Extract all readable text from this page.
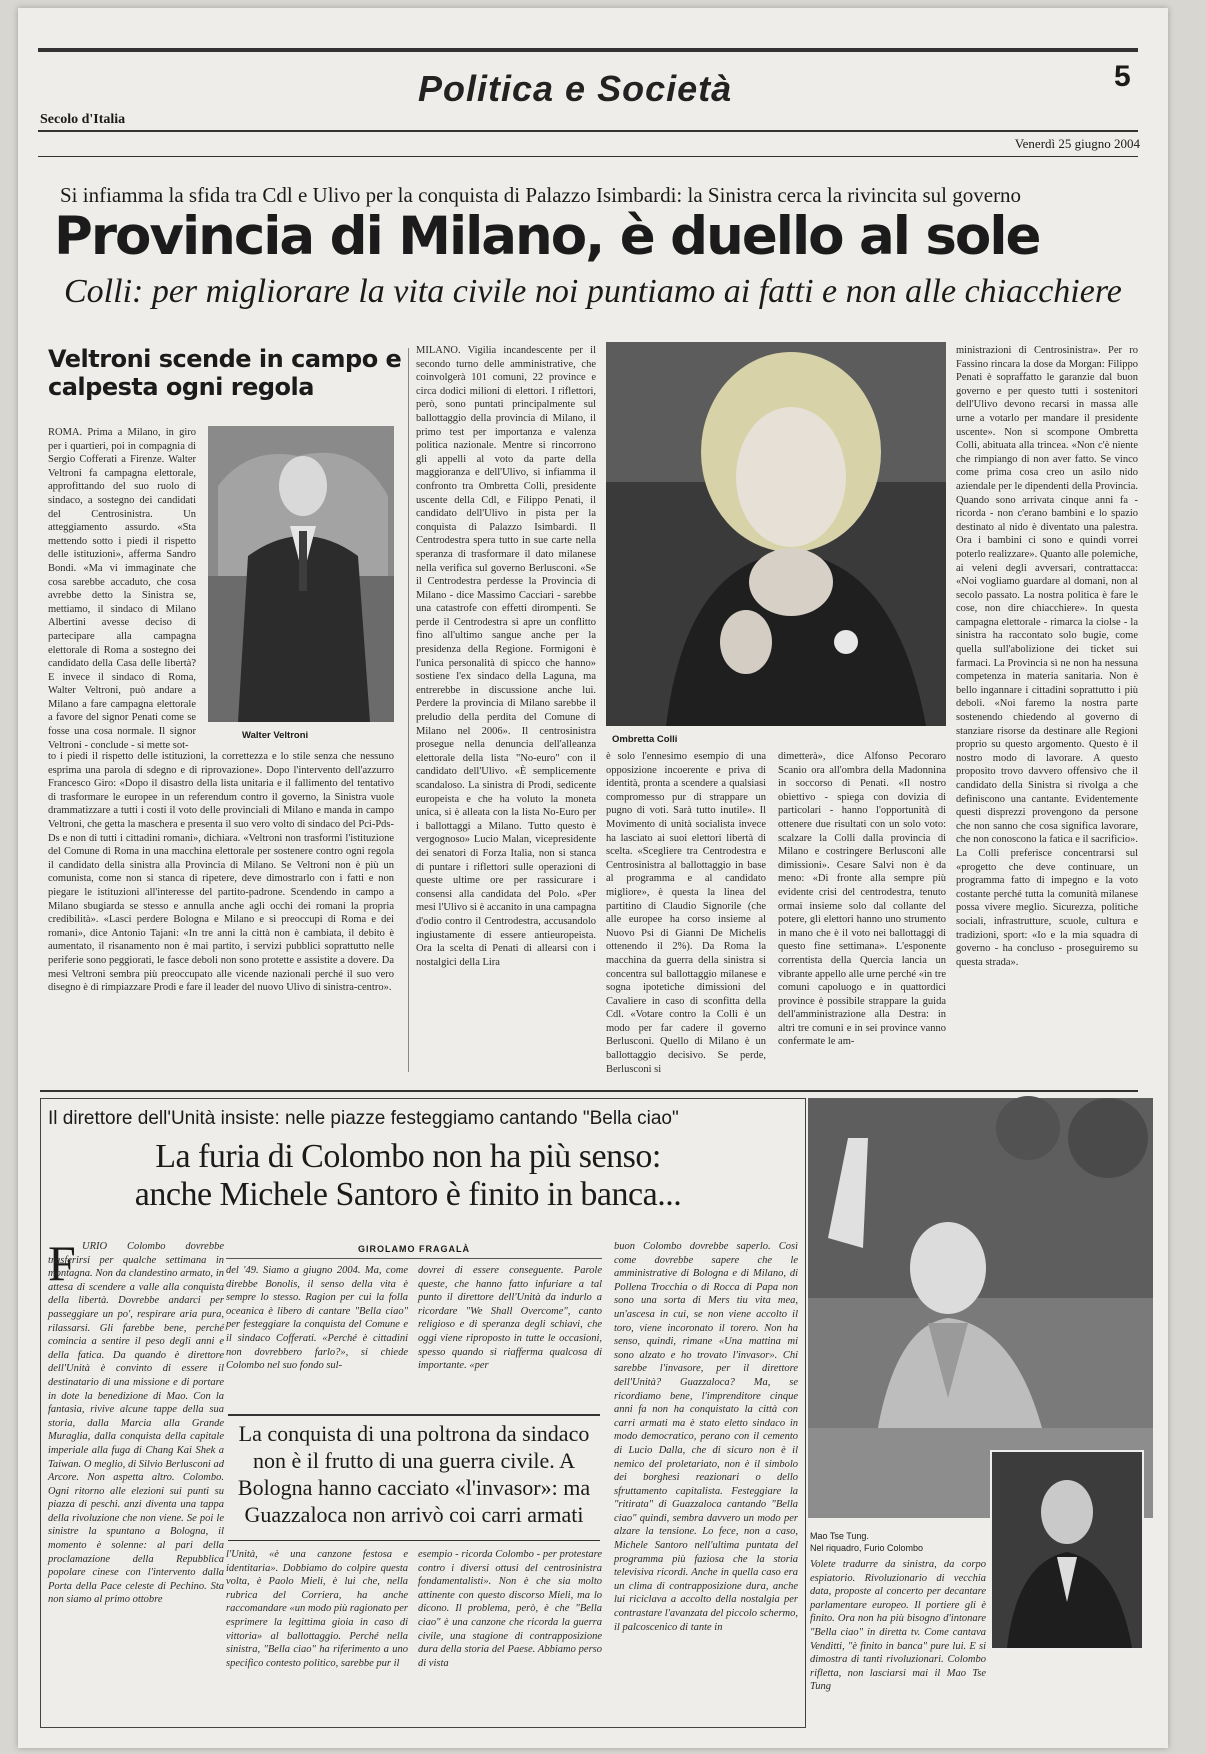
Secolo d'Italia
Politica e Società	5
Venerdì 25 giugno 2004
Si infiamma la sfida tra Cdl e Ulivo per la conquista di Palazzo Isimbardi: la Sinistra cerca la rivincita sul governo
Provincia di Milano, è duello al sole
Colli: per migliorare la vita civile noi puntiamo ai fatti e non alle chiacchiere
Veltroni scende in campo e calpesta ogni regola
ROMA. Prima a Milano, in giro per i quartieri, poi in compagnia di Sergio Cofferati a Firenze. Walter Veltroni fa campagna elettorale, approfittando del suo ruolo di sindaco, a sostegno dei candidati del Centrosinistra. Un atteggiamento assurdo. «Sta mettendo sotto i piedi il rispetto delle istituzioni», afferma Sandro Bondi. «Ma vi immaginate che cosa sarebbe accaduto, che cosa avrebbe detto la Sinistra se, mettiamo, il sindaco di Milano Albertini avesse deciso di partecipare alla campagna elettorale di Roma a sostegno dei candidato della Casa delle libertà? E invece il sindaco di Roma, Walter Veltroni, può andare a Milano a fare campagna elettorale a favore del signor Penati come se fosse una cosa normale. Il signor Veltroni - conclude - si mette sot-
Walter Veltroni
to i piedi il rispetto delle istituzioni, la correttezza e lo stile senza che nessuno esprima una parola di sdegno e di riprovazione». Dopo l'intervento dell'azzurro Francesco Giro: «Dopo il disastro della lista unitaria e il fallimento del tentativo di trasformare le europee in un referendum contro il governo, la Sinistra vuole drammatizzare a tutti i costi il voto delle provinciali di Milano e manda in campo Veltroni, che getta la maschera e presenta il suo vero volto di sindaco del Pci-Pds-Ds e non di tutti i cittadini romani», dichiara. «Veltroni non trasformi l'istituzione del Comune di Roma in una macchina elettorale per sostenere contro ogni regola il candidato della sinistra alla Provincia di Milano. Se Veltroni non è più un comunista, come non si stanca di ripetere, deve dimostrarlo con i fatti e non piegare le istituzioni all'interesse del partito-padrone. Scendendo in campo a Milano sbugiarda se stesso e annulla anche agli occhi dei romani la propria credibilità». «Lasci perdere Bologna e Milano e si preoccupi di Roma e dei romani», dice Antonio Tajani: «In tre anni la città non è cambiata, il debito è aumentato, il risanamento non è mai partito, i servizi pubblici soprattutto nelle periferie sono peggiorati, le fasce deboli non sono protette e assistite a dovere. Da mesi Veltroni sembra più preoccupato alle vicende nazionali perché il suo vero disegno è di rimpiazzare Prodi e fare il leader del nuovo Ulivo di sinistra-centro».
MILANO. Vigilia incandescente per il secondo turno delle amministrative, che coinvolgerà 101 comuni, 22 province e circa dodici milioni di elettori. I riflettori, però, sono puntati principalmente sul ballottaggio della provincia di Milano, il primo test per importanza e valenza politica nazionale. Mentre si rincorrono gli appelli al voto da parte della maggioranza e dell'Ulivo, si infiamma il confronto tra Ombretta Colli, presidente uscente della Cdl, e Filippo Penati, il candidato dell'Ulivo in pista per la conquista di Palazzo Isimbardi. Il Centrodestra spera tutto in sue carte nella speranza di trasformare il dato milanese nella verifica sul governo Berlusconi. «Se il Centrodestra perdesse la Provincia di Milano - dice Massimo Cacciari - sarebbe una catastrofe con effetti dirompenti. Se perde il Centrodestra si apre un conflitto fino all'ultimo sangue anche per la presidenza della Regione. Formigoni è l'unica personalità di spicco che hanno» sostiene l'ex sindaco della Laguna, ma entrerebbe in discussione anche lui. Perdere la provincia di Milano sarebbe il preludio della perdita del Comune di Milano nel 2006». Il centrosinistra prosegue nella denuncia dell'alleanza elettorale della lista "No-euro" con il candidato dell'Ulivo. «È semplicemente scandaloso. La sinistra di Prodi, sedicente europeista e che ha voluto la moneta unica, si è alleata con la lista No-Euro per i ballottaggi a Milano. Tutto questo è vergognoso» Lucio Malan, vicepresidente dei senatori di Forza Italia, non si stanca di puntare i riflettori sulle operazioni di queste ultime ore per rassicurare i consensi alla candidata del Polo. «Per mesi l'Ulivo si è accanito in una campagna d'odio contro il Centrodestra, accusandolo ingiustamente di essere antieuropeista. Ora la scelta di Penati di allearsi con i nostalgici della Lira
Ombretta Colli
è solo l'ennesimo esempio di una opposizione incoerente e priva di identità, pronta a scendere a qualsiasi compromesso pur di strappare un pugno di voti. Sarà tutto inutile». Il Movimento di unità socialista invece ha lasciato ai suoi elettori libertà di scelta. «Scegliere tra Centrodestra e Centrosinistra al ballottaggio in base al programma e al candidato migliore», è questa la linea del partitino di Claudio Signorile (che alle europee ha corso insieme al Nuovo Psi di Gianni De Michelis ottenendo il 2%). Da Roma la macchina da guerra della sinistra si concentra sul ballottaggio milanese e sogna ipotetiche dimissioni del Cavaliere in caso di sconfitta della Cdl. «Votare contro la Colli è un modo per far cadere il governo Berlusconi. Quello di Milano è un ballottaggio decisivo. Se perde, Berlusconi si
dimetterà», dice Alfonso Pecoraro Scanio ora all'ombra della Madonnina in soccorso di Penati. «Il nostro obiettivo - spiega con dovizia di particolari - hanno l'opportunità di ottenere due risultati con un solo voto: scalzare la Colli dalla provincia di Milano e costringere Berlusconi alle dimissioni». Cesare Salvi non è da meno: «Di fronte alla sempre più evidente crisi del centrodestra, tenuto ormai insieme solo dal collante del potere, gli elettori hanno uno strumento in mano che è il voto nei ballottaggi di questo fine settimana». L'esponente correntista della Quercia lancia un vibrante appello alle urne perché «in tre comuni capoluogo e in quattordici province è possibile strappare la guida dell'amministrazione alla Destra: in altri tre comuni e in sei province vanno confermate le am-
ministrazioni di Centrosinistra». Per ro Fassino rincara la dose da Morgan: Filippo Penati è sopraffatto le garanzie dal buon governo e per questo tutti i sostenitori dell'Ulivo devono recarsi in massa alle urne a votarlo per mandare il presidente uscente». Non si scompone Ombretta Colli, abituata alla trincea. «Non c'è niente che rimpiango di non aver fatto. Se vinco come prima cosa creo un asilo nido aziendale per le dipendenti della Provincia. Quando sono arrivata cinque anni fa - ricorda - non c'erano bambini e lo spazio destinato al nido è diventato una palestra. Ora i bambini ci sono e quindi vorrei poterlo realizzare». Quanto alle polemiche, ai veleni degli avversari, contrattacca: «Noi vogliamo guardare al domani, non al secolo passato. La nostra politica è fare le cose, non dire chiacchiere». In questa campagna elettorale - rimarca la ciolse - la sinistra ha raccontato solo bugie, come quella sull'abolizione dei ticket sui farmaci. La Provincia sì ne non ha nessuna competenza in materia sanitaria. Non è bello ingannare i cittadini soprattutto i più deboli. «Noi faremo la nostra parte sostenendo chiedendo al governo di stanziare risorse da destinare alle Regioni proprio su questo argomento. Questo è il nostro modo di lavorare. A questo proposito trovo davvero offensivo che il candidato della Sinistra si rivolga a che definiscono una cantante. Evidentemente questi disprezzi provengono da persone che non sanno che cosa significa lavorare, che non conoscono la fatica e il sacrificio». La Colli preferisce concentrarsi sul «progetto che deve continuare, un programma fatto di impegno e la voto costante perché tutta la comunità milanese possa vivere meglio. Sicurezza, politiche sociali, infrastrutture, scuole, cultura e tradizioni, sport: «Io e la mia squadra di governo - ha concluso - proseguiremo su questa strada».
Il direttore dell'Unità insiste: nelle piazze festeggiamo cantando "Bella ciao"
La furia di Colombo non ha più senso:
anche Michele Santoro è finito in banca...
F URIO Colombo dovrebbe trasferirsi per qualche settimana in montagna. Non da clandestino armato, in attesa di scendere a valle alla conquista della libertà. Dovrebbe andarci per passeggiare un po', respirare aria pura, rilassarsi. Gli farebbe bene, perché comincia a sentire il peso degli anni e della fatica. Da quando è direttore dell'Unità è convinto di essere il destinatario di una missione e di portare in dote la benedizione di Mao. Con la fantasia, rivive alcune tappe della sua storia, dalla Marcia alla Grande Muraglia, dalla conquista della capitale imperiale alla fuga di Chang Kai Shek a Taiwan. O meglio, di Silvio Berlusconi ad Arcore. Non aspetta altro. Colombo. Ogni ritorno alle elezioni sui punti su piazza di peschi. anzi diventa una tappa della rivoluzione che non viene. Se poi le sinistre la spuntano a Bologna, il momento è solenne: al pari della proclamazione della Repubblica popolare cinese con l'intervento dalla Porta della Pace celeste di Pechino. Sta non siamo al primo ottobre
GIROLAMO FRAGALÀ
del '49. Siamo a giugno 2004. Ma, come direbbe Bonolis, il senso della vita è sempre lo stesso. Ragion per cui la folla oceanica è libero di cantare "Bella ciao" per festeggiare la conquista del Comune e il sindaco Cofferati. «Perché è cittadini non dovrebbero farlo?», si chiede Colombo nel suo fondo sul-
dovrei di essere conseguente. Parole queste, che hanno fatto infuriare a tal punto il direttore dell'Unità da indurlo a ricordare "We Shall Overcome", canto religioso e di speranza degli schiavi, che oggi viene riproposto in tutte le occasioni, spesso quando si riafferma qualcosa di importante. «per
La conquista di una poltrona da sindaco non è il frutto di una guerra civile. A Bologna hanno cacciato «l'invasor»: ma Guazzaloca non arrivò coi carri armati
l'Unità, «è una canzone festosa e identitaria». Dobbiamo do colpire questa volta, è Paolo Mieli, è lui che, nella rubrica del Corriera, ha anche raccomandare «un modo più ragionato per esprimere la legittima gioia in caso di vittoria» al ballottaggio. Perché nella sinistra, "Bella ciao" ha riferimento a uno specifico contesto politico, sarebbe pur il
esempio - ricorda Colombo - per protestare contro i diversi ottusi del centrosinistra fondamentalisti». Non è che sia molto attinente con questo discorso Mieli, ma lo dicono. Il problema, però, è che "Bella ciao" è una canzone che ricorda la guerra civile, una stagione di contrapposizione dura della storia del Paese. Abbiamo perso di vista
buon Colombo dovrebbe saperlo. Così come dovrebbe sapere che le amministrative di Bologna e di Milano, di Pollena Trocchia o di Rocca di Papa non sono una sorta di Mers tiu vita mea, un'ascesa in cui, se non viene accolto il toro, viene incoronato il torero. Non ha senso, quindi, rimane «Una mattina mi sono alzato e ho trovato l'invasor». Chi sarebbe l'invasore, per il direttore dell'Unità? Guazzaloca? Ma, se ricordiamo bene, l'imprenditore cinque anni fa non ha conquistato la città con carri armati ma è stato eletto sindaco in modo democratico, perano con il cemento di Lucio Dalla, che di sicuro non è il nemico del proletariato, non è il simbolo dei borghesi reazionari o dello sfruttamento capitalista. Festeggiare la "ritirata" di Guazzaloca cantando "Bella ciao" quindi, sembra davvero un modo per alzare la tensione. Lo fece, non a caso, Michele Santoro nell'ultima puntata del programma più faziosa che la storia televisiva ricordi. Anche in quella caso era un clima di contrapposizione dura, anche lui riciclava a accolto della nostalgia per contrastare l'avanzata del piccolo schermo, il palcoscenico di tante in
Mao Tse Tung.
Nel riquadro, Furio Colombo
Volete tradurre da sinistra, da corpo espiatorio. Rivoluzionario di vecchia data, proposte al concerto per decantare parlamentare europeo. Il portiere gli è finito. Ora non ha più bisogno d'intonare "Bella ciao" in diretta tv. Come cantava Venditti, "è finito in banca" pure lui. E si dimostra di tanti rivoluzionari. Colombo rifletta, non lasciarsi mai il Mao Tse Tung
